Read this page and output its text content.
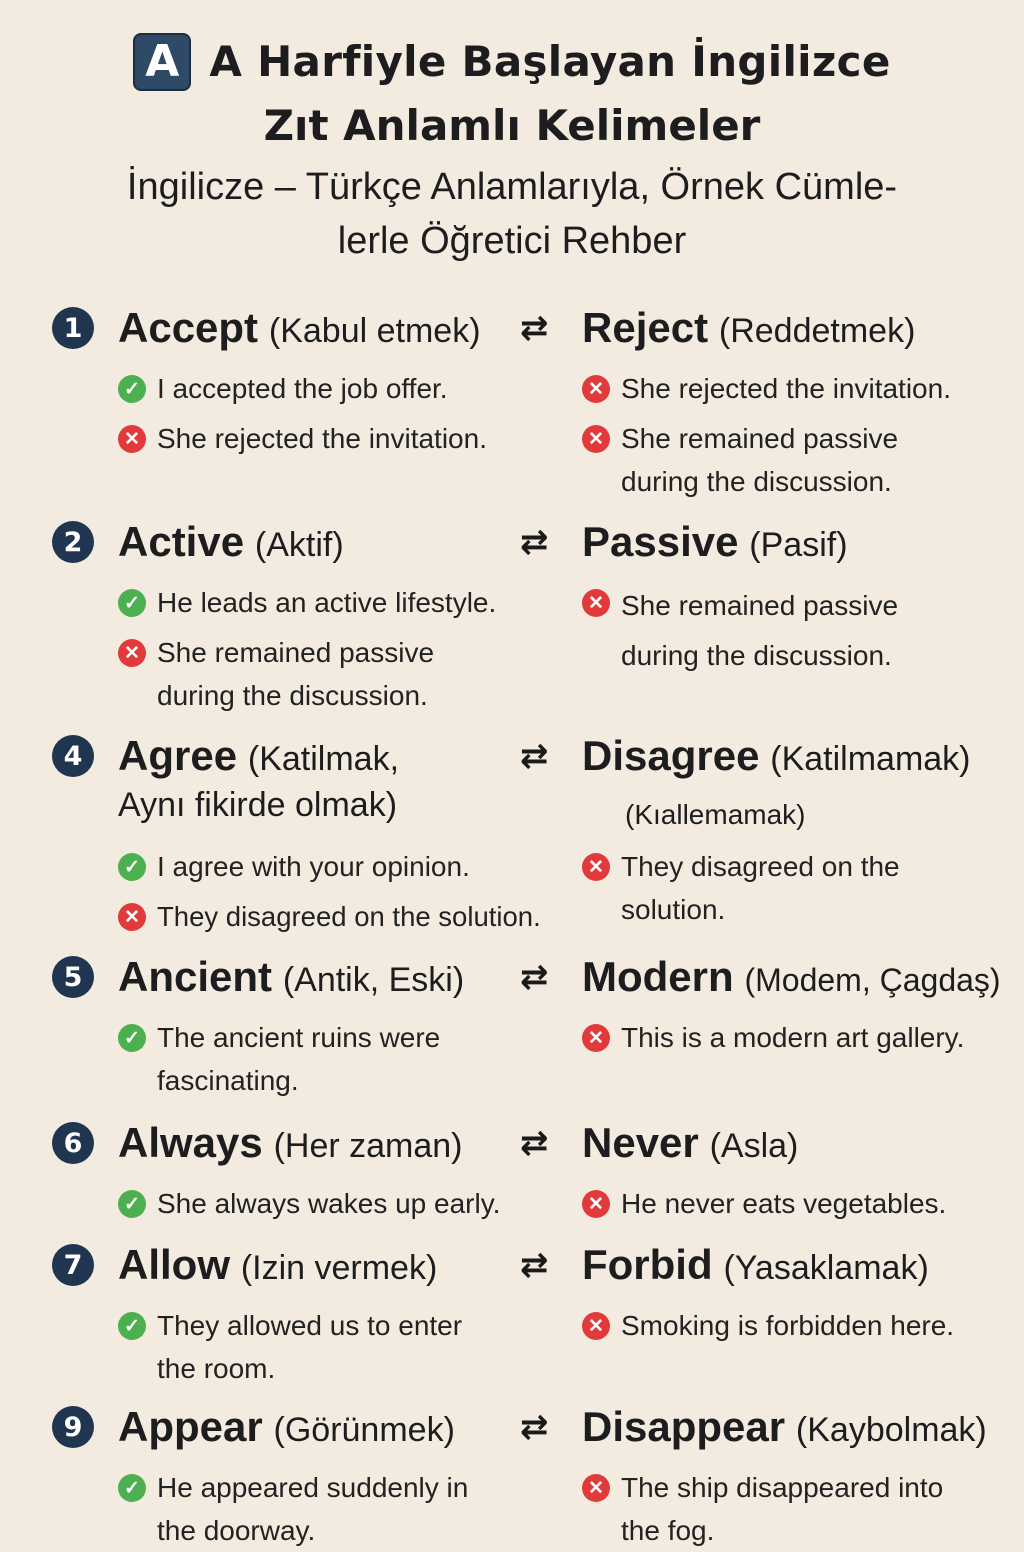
A A Harfiyle Başlayan İngilizce
Zıt Anlamlı Kelimeler
İngilicze – Türkçe Anlamlarıyla, Örnek Cümle-
lerle Öğretici Rehber
1 Accept (Kabul etmek) ⇄ Reject (Reddetmek)
✓ I accepted the job offer.
✕ She rejected the invitation.
✕ She rejected the invitation.
✕ She remained passive during the discussion.
2 Active (Aktif)	⇄ Passive (Pasif)
✓ He leads an active lifestyle.
✕ She remained passive during the discussion.
✕ She remained passive during the discussion.
4 Agree (Katilmak,
Aynı fikirde olmak)
⇄ Disagree (Katilmamak)
(Kıallemamak)
✓ I agree with your opinion.
✕ They disagreed on the solution.
✕ They disagreed on the solution.
5 Ancient (Antik, Eski) ⇄ Modern (Modem, Çagdaş)
✓ The ancient ruins were fascinating.
✕ This is a modern art gallery.
6 Always (Her zaman) ⇄ Never (Asla)
✓ She always wakes up early.	✕ He never eats vegetables.
7 Allow (Izin vermek) ⇄ Forbid (Yasaklamak)
✓ They allowed us to enter the room.
✕ Smoking is forbidden here.
9 Appear (Görünmek) ⇄ Disappear (Kaybolmak)
✓ He appeared suddenly in the doorway.
✕ The ship disappeared into the fog.
